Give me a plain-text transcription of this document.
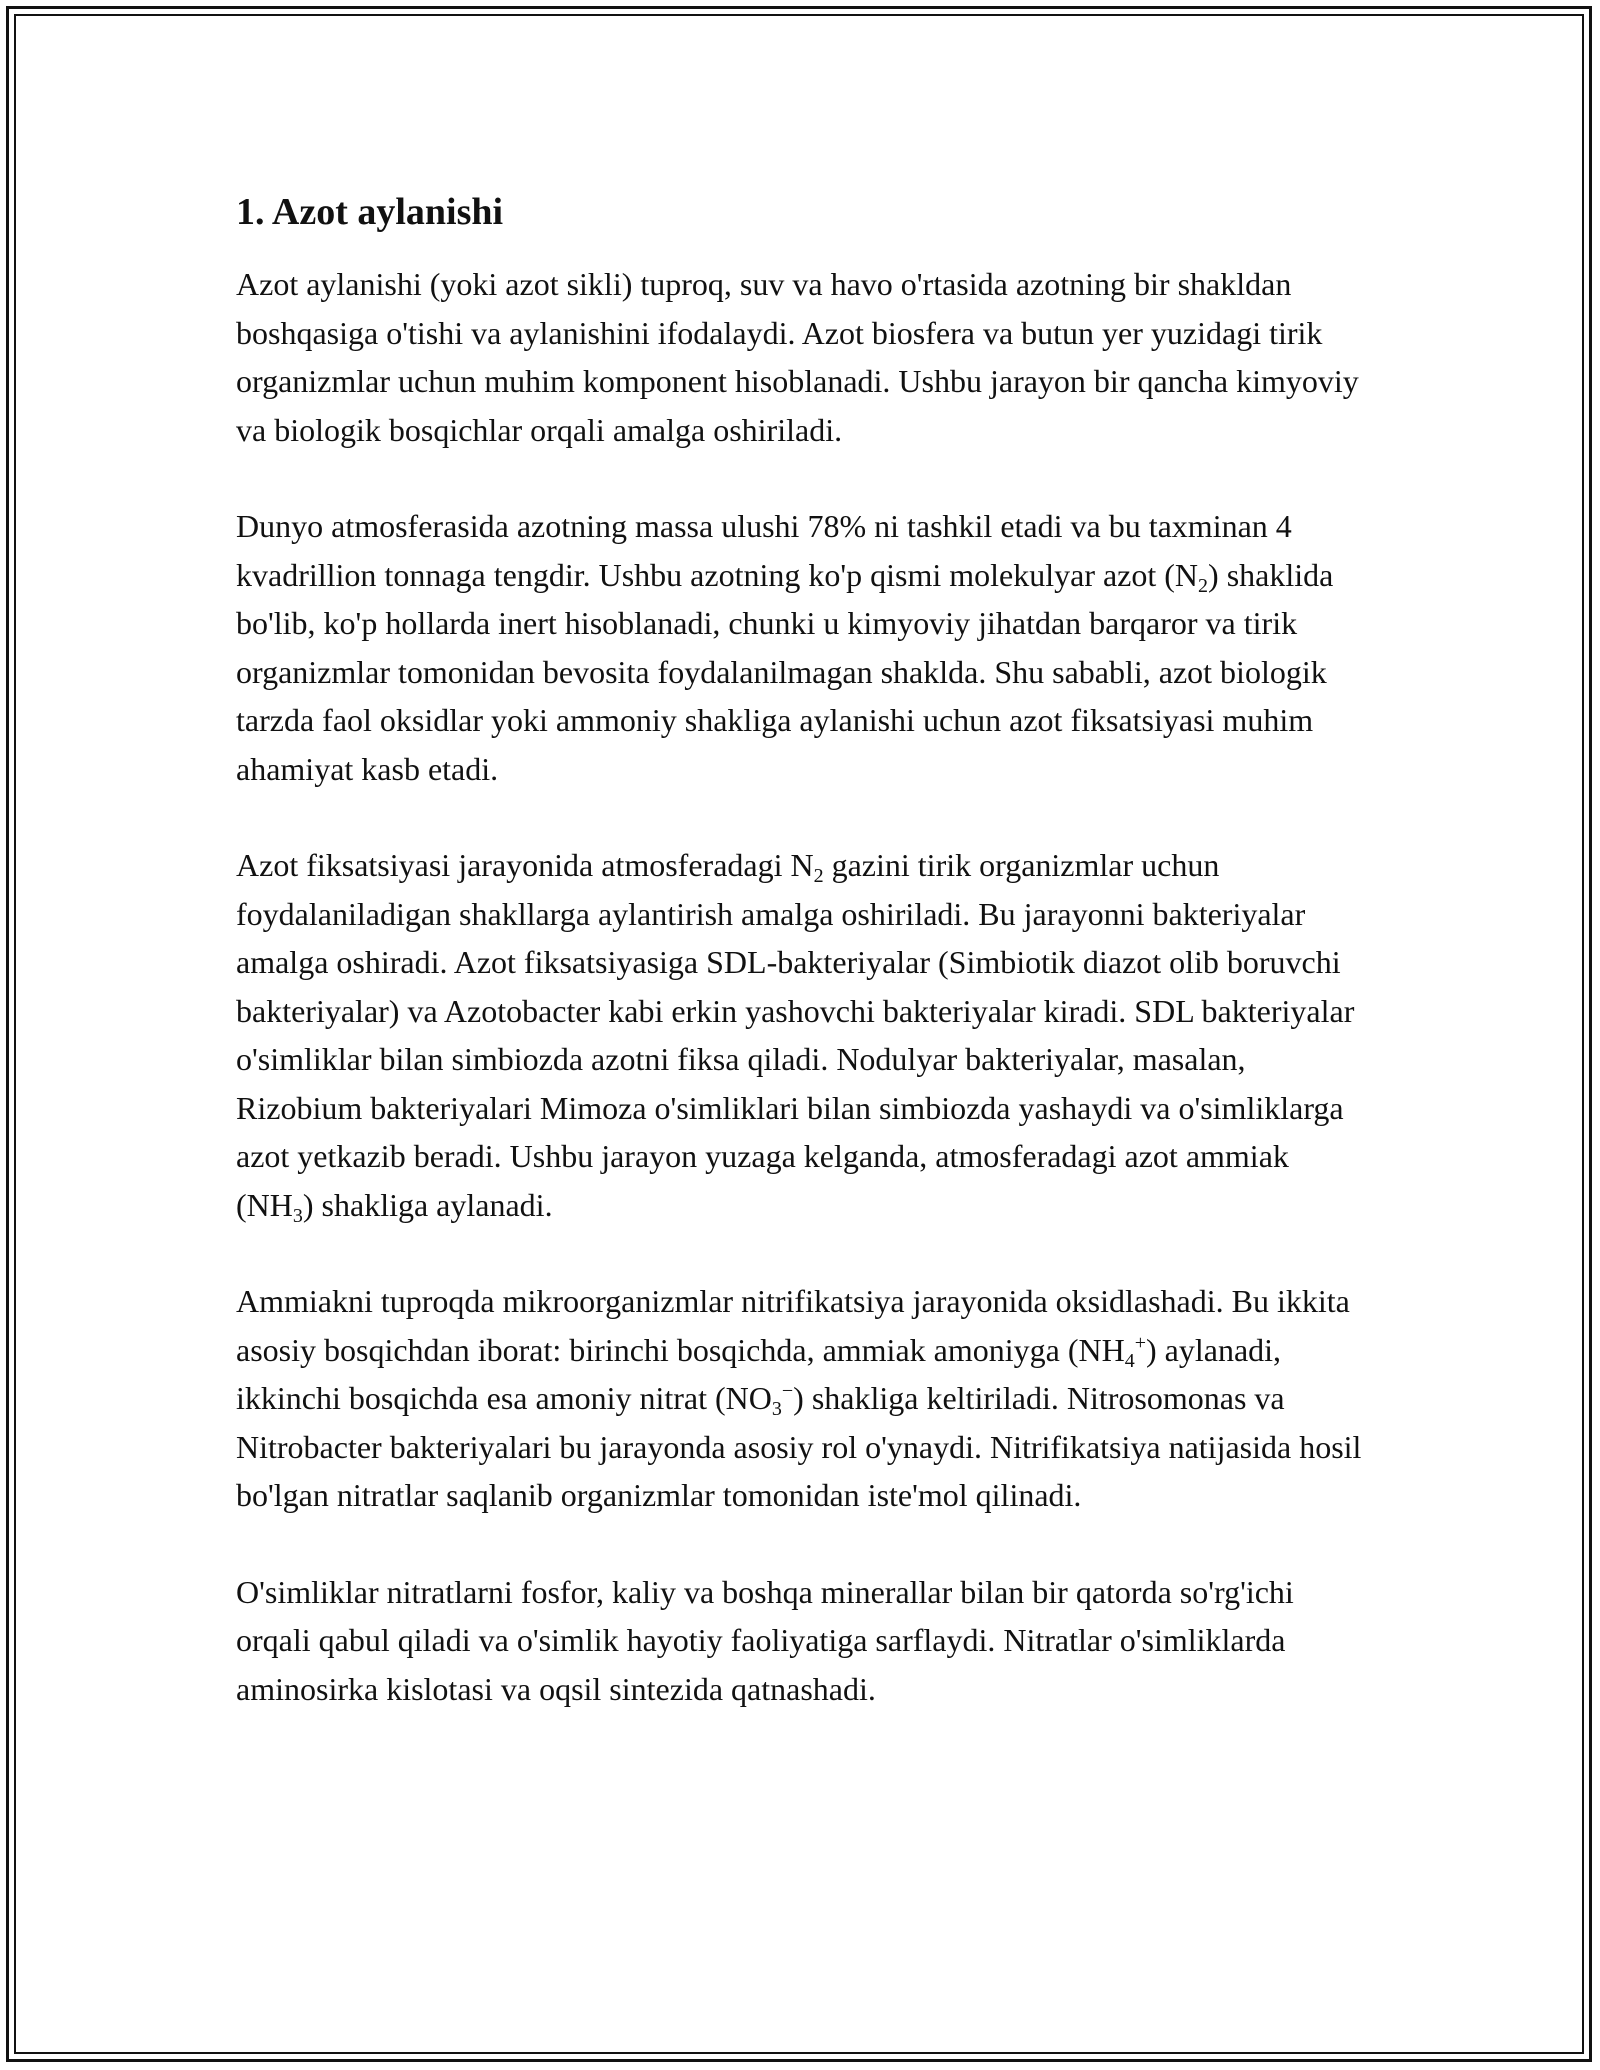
1. Azot aylanishi

Azot aylanishi (yoki azot sikli) tuproq, suv va havo o'rtasida azotning bir shakldan boshqasiga o'tishi va aylanishini ifodalaydi. Azot biosfera va butun yer yuzidagi tirik organizmlar uchun muhim komponent hisoblanadi. Ushbu jarayon bir qancha kimyoviy va biologik bosqichlar orqali amalga oshiriladi.

Dunyo atmosferasida azotning massa ulushi 78% ni tashkil etadi va bu taxminan 4 kvadrillion tonnaga tengdir. Ushbu azotning ko'p qismi molekulyar azot $(N_2)$ shaklida bo'lib, ko'p hollarda inert hisoblanadi, chunki u kimyoviy jihatdan barqaror va tirik organizmlar tomonidan bevosita foydalanilmagan shaklda. Shu sababli, azot biologik tarzda faol oksidlar yoki ammoniy shakliga aylanishi uchun azot fiksatsiyasi muhim ahamiyat kasb etadi.

Azot fiksatsiyasi jarayonida atmosferadagi $N_2$ gazini tirik organizmlar uchun foydalaniladigan shakllarga aylantirish amalga oshiriladi. Bu jarayonni bakteriyalar amalga oshiradi. Azot fiksatsiyasiga SDL-bakteriyalar (Simbiotik diazot olib boruvchi bakteriyalar) va Azotobacter kabi erkin yashovchi bakteriyalar kiradi. SDL bakteriyalar o'simliklar bilan simbiozda azotni fiksa qiladi. Nodulyar bakteriyalar, masalan, Rizobium bakteriyalari Mimoza o'simliklari bilan simbiozda yashaydi va o'simliklarga azot yetkazib beradi. Ushbu jarayon yuzaga kelganda, atmosferadagi azot ammiak $(NH_3)$ shakliga aylanadi.

Ammiakni tuproqda mikroorganizmlar nitrifikatsiya jarayonida oksidlashadi. Bu ikkita asosiy bosqichdan iborat: birinchi bosqichda, ammiak amoniyga $(NH_4^+)$ aylanadi, ikkinchi bosqichda esa amoniy nitrat $(NO_3^-)$ shakliga keltiriladi. Nitrosomonas va Nitrobacter bakteriyalari bu jarayonda asosiy rol o'ynaydi. Nitrifikatsiya natijasida hosil bo'lgan nitratlar saqlanib organizmlar tomonidan iste'mol qilinadi.

O'simliklar nitratlarni fosfor, kaliy va boshqa minerallar bilan bir qatorda so'rg'ichi orqali qabul qiladi va o'simlik hayotiy faoliyatiga sarflaydi. Nitratlar o'simliklarda aminosirka kislotasi va oqsil sintezida qatnashadi.
